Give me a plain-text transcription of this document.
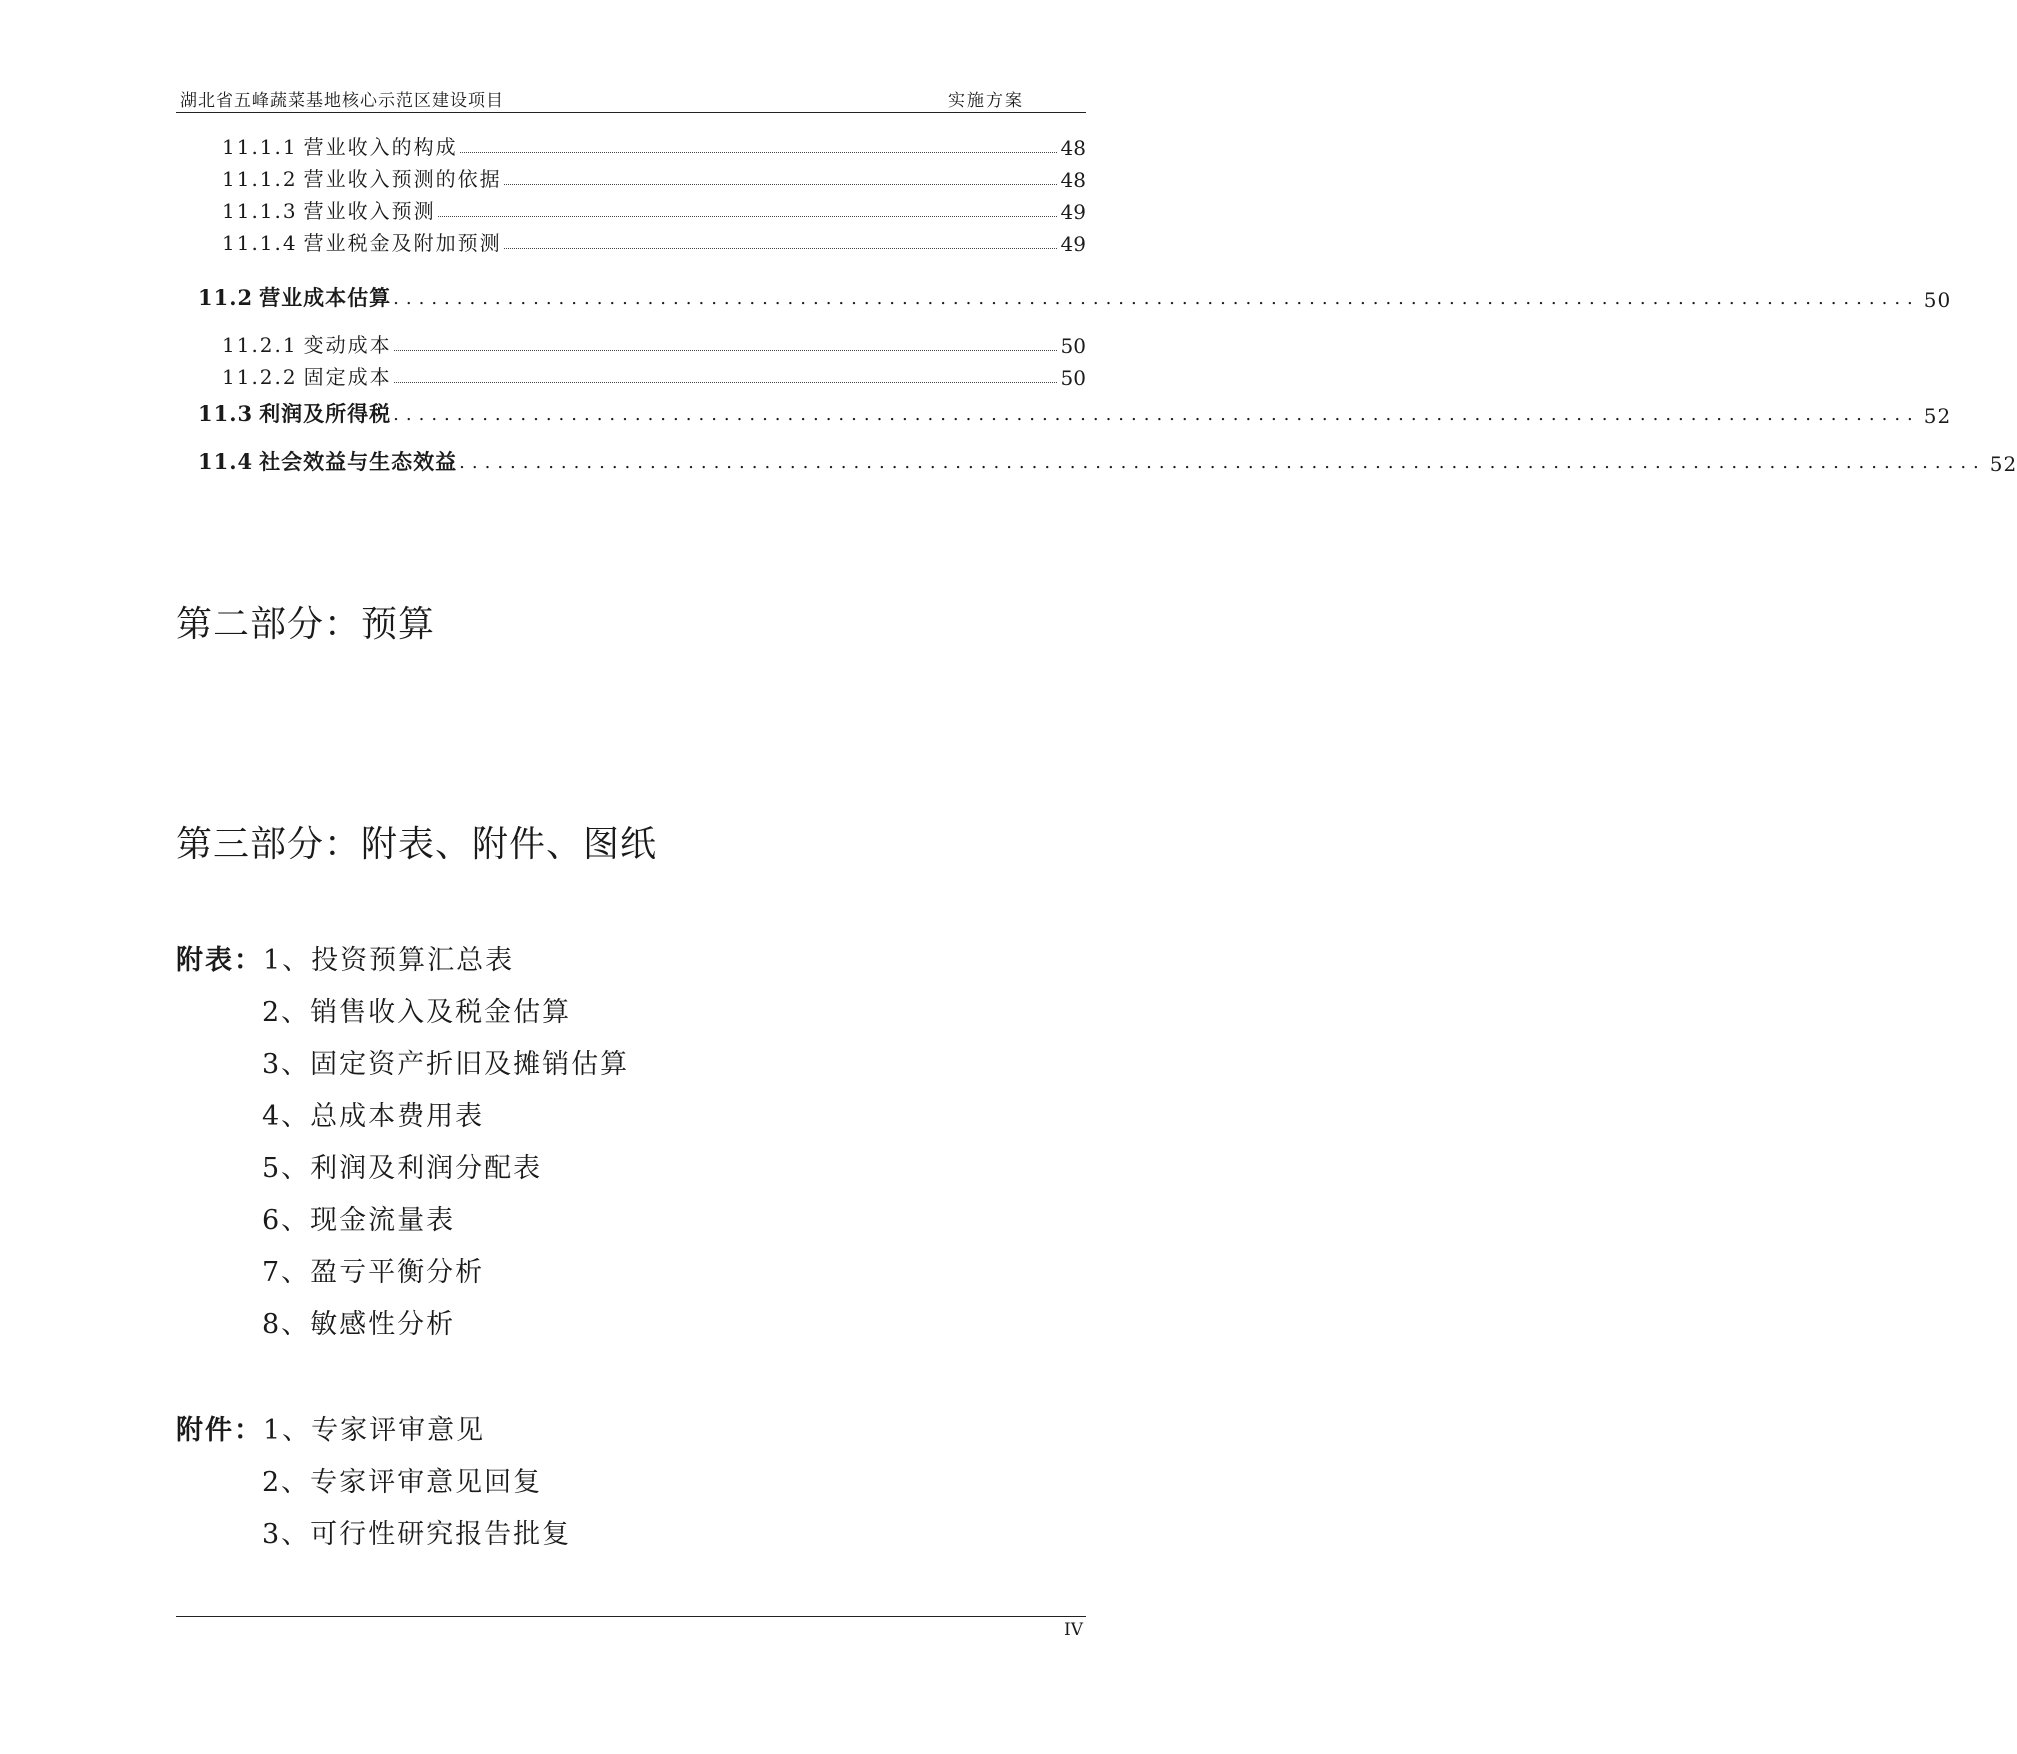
湖北省五峰蔬菜基地核心示范区建设项目	实施方案
11.1.1 营业收入的构成	48
11.1.2 营业收入预测的依据	48
11.1.3 营业收入预测	49
11.1.4 营业税金及附加预测	49
11.2 营业成本估算 ........................................................................................................................ 50
11.2.1 变动成本	50
11.2.2 固定成本	50
11.3 利润及所得税 ........................................................................................................................ 52
11.4 社会效益与生态效益 ........................................................................................................................ 52
第二部分：预算
第三部分：附表、附件、图纸
附表：1、投资预算汇总表
2、销售收入及税金估算
3、固定资产折旧及摊销估算
4、总成本费用表
5、利润及利润分配表
6、现金流量表
7、盈亏平衡分析
8、敏感性分析
附件：1、专家评审意见
2、专家评审意见回复
3、可行性研究报告批复
IV
